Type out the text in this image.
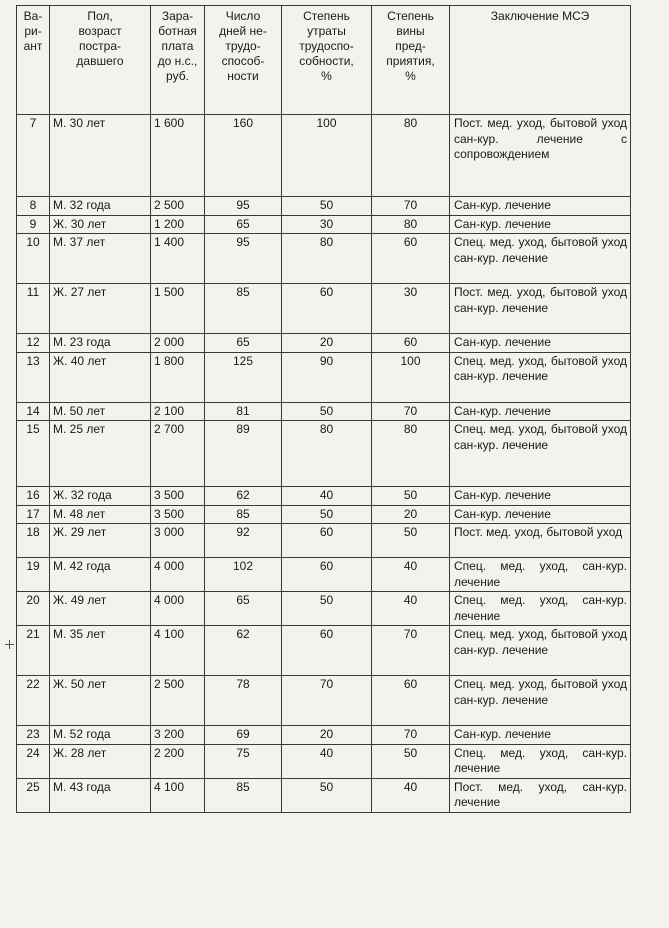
Ва-
ри-
ант	Пол,
возраст
постра-
давшего	Зара-
ботная
плата
до н.с.,
руб.	Число
дней не-
трудо-
способ-
ности	Степень
утраты
трудоспо-
собности,
%	Степень
вины
пред-
приятия,
%	Заключение МСЭ
7	М. 30 лет	1 600	160	100	80	Пост. мед. уход, бытовой уход сан-кур. лечение с сопровождением
8	М. 32 года	2 500	95	50	70	Сан-кур. лечение
9	Ж. 30 лет	1 200	65	30	80	Сан-кур. лечение
10	М. 37 лет	1 400	95	80	60	Спец. мед. уход, бытовой уход сан-кур. лечение
11	Ж. 27 лет	1 500	85	60	30	Пост. мед. уход, бытовой уход сан-кур. лечение
12	М. 23 года	2 000	65	20	60	Сан-кур. лечение
13	Ж. 40 лет	1 800	125	90	100	Спец. мед. уход, бытовой уход сан-кур. лечение
14	М. 50 лет	2 100	81	50	70	Сан-кур. лечение
15	М. 25 лет	2 700	89	80	80	Спец. мед. уход, бытовой уход сан-кур. лечение
16	Ж. 32 года	3 500	62	40	50	Сан-кур. лечение
17	М. 48 лет	3 500	85	50	20	Сан-кур. лечение
18	Ж. 29 лет	3 000	92	60	50	Пост. мед. уход, бытовой уход
19	М. 42 года	4 000	102	60	40	Спец. мед. уход, сан-кур. лечение
20	Ж. 49 лет	4 000	65	50	40	Спец. мед. уход, сан-кур. лечение
21	М. 35 лет	4 100	62	60	70	Спец. мед. уход, бытовой уход сан-кур. лечение
22	Ж. 50 лет	2 500	78	70	60	Спец. мед. уход, бытовой уход сан-кур. лечение
23	М. 52 года	3 200	69	20	70	Сан-кур. лечение
24	Ж. 28 лет	2 200	75	40	50	Спец. мед. уход, сан-кур. лечение
25	М. 43 года	4 100	85	50	40	Пост. мед. уход, сан-кур. лечение
